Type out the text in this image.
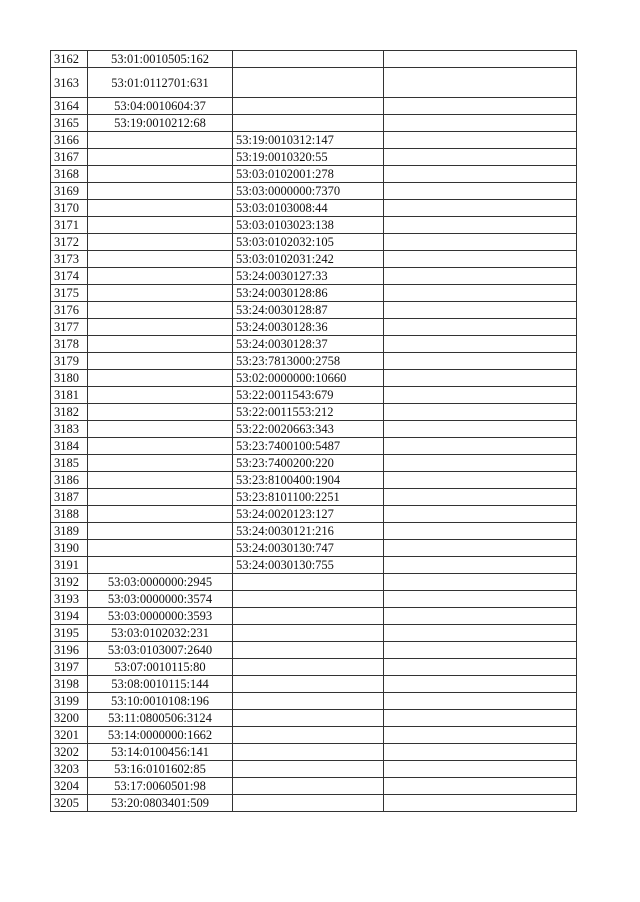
3162	53:01:0010505:162		
3163	53:01:0112701:631		
3164	53:04:0010604:37		
3165	53:19:0010212:68		
3166		53:19:0010312:147	
3167		53:19:0010320:55	
3168		53:03:0102001:278	
3169		53:03:0000000:7370	
3170		53:03:0103008:44	
3171		53:03:0103023:138	
3172		53:03:0102032:105	
3173		53:03:0102031:242	
3174		53:24:0030127:33	
3175		53:24:0030128:86	
3176		53:24:0030128:87	
3177		53:24:0030128:36	
3178		53:24:0030128:37	
3179		53:23:7813000:2758	
3180		53:02:0000000:10660	
3181		53:22:0011543:679	
3182		53:22:0011553:212	
3183		53:22:0020663:343	
3184		53:23:7400100:5487	
3185		53:23:7400200:220	
3186		53:23:8100400:1904	
3187		53:23:8101100:2251	
3188		53:24:0020123:127	
3189		53:24:0030121:216	
3190		53:24:0030130:747	
3191		53:24:0030130:755	
3192	53:03:0000000:2945		
3193	53:03:0000000:3574		
3194	53:03:0000000:3593		
3195	53:03:0102032:231		
3196	53:03:0103007:2640		
3197	53:07:0010115:80		
3198	53:08:0010115:144		
3199	53:10:0010108:196		
3200	53:11:0800506:3124		
3201	53:14:0000000:1662		
3202	53:14:0100456:141		
3203	53:16:0101602:85		
3204	53:17:0060501:98		
3205	53:20:0803401:509		
